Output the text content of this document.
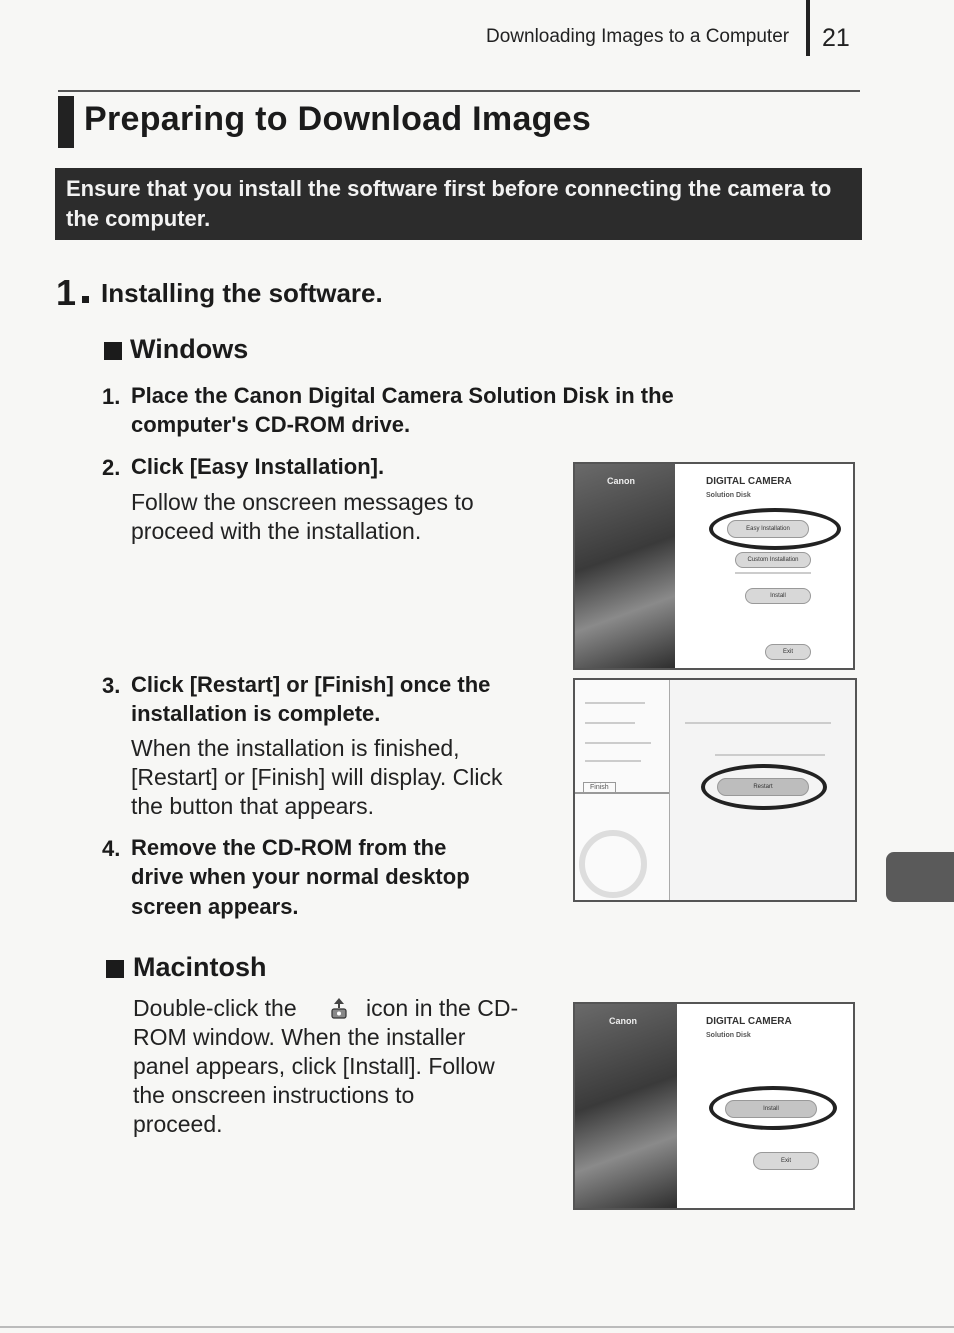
Downloading Images to a Computer 21
Preparing to Download Images
Ensure that you install the software first before connecting the camera to the computer.
1 Installing the software.
Windows
1. Place the Canon Digital Camera Solution Disk in the
computer's CD-ROM drive.
2. Click [Easy Installation].
Follow the onscreen messages to
proceed with the installation.
3. Click [Restart] or [Finish] once the
installation is complete.
When the installation is finished,
[Restart] or [Finish] will display. Click
the button that appears.
4. Remove the CD-ROM from the
drive when your normal desktop
screen appears.
Macintosh
Double-click the	icon in the CD-
ROM window. When the installer
panel appears, click [Install]. Follow
the onscreen instructions to
proceed.
Canon	DIGITAL CAMERA
Solution Disk
Easy Installation
Custom Installation
Install
Exit
Finish	Restart
Canon	DIGITAL CAMERA
Solution Disk
Install
Exit
